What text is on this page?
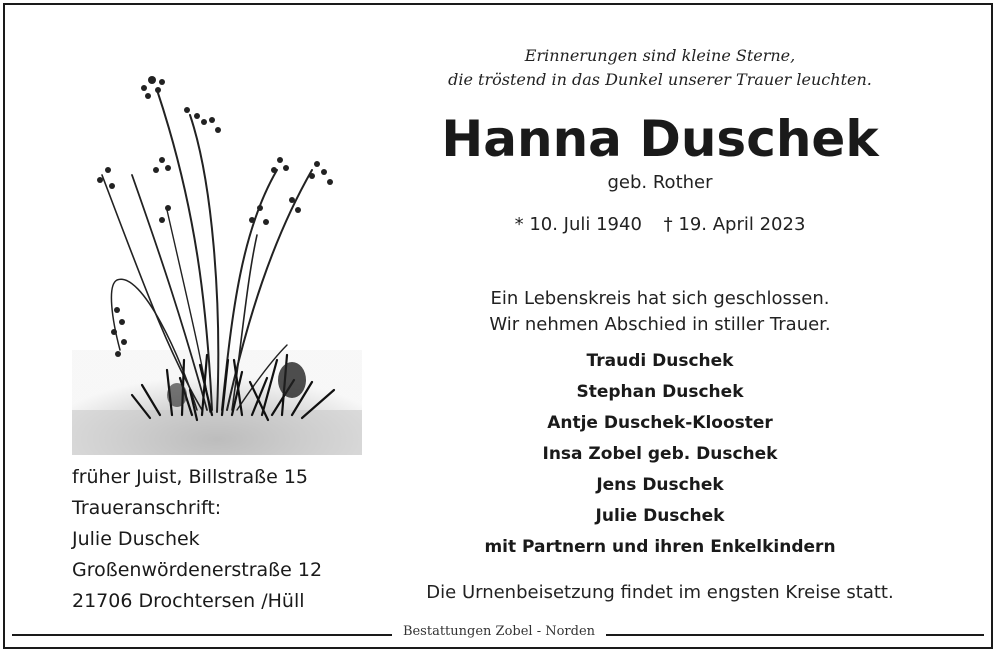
früher Juist, Billstraße 15
Traueranschrift:
Julie Duschek
Großenwördenerstraße 12
21706 Drochtersen /Hüll
Erinnerungen sind kleine Sterne,
die tröstend in das Dunkel unserer Trauer leuchten.
Hanna Duschek
geb. Rother
* 10. Juli 1940 † 19. April 2023
Ein Lebenskreis hat sich geschlossen.
Wir nehmen Abschied in stiller Trauer.
Traudi Duschek
Stephan Duschek
Antje Duschek-Klooster
Insa Zobel geb. Duschek
Jens Duschek
Julie Duschek
mit Partnern und ihren Enkelkindern
Die Urnenbeisetzung findet im engsten Kreise statt.
Bestattungen Zobel - Norden
